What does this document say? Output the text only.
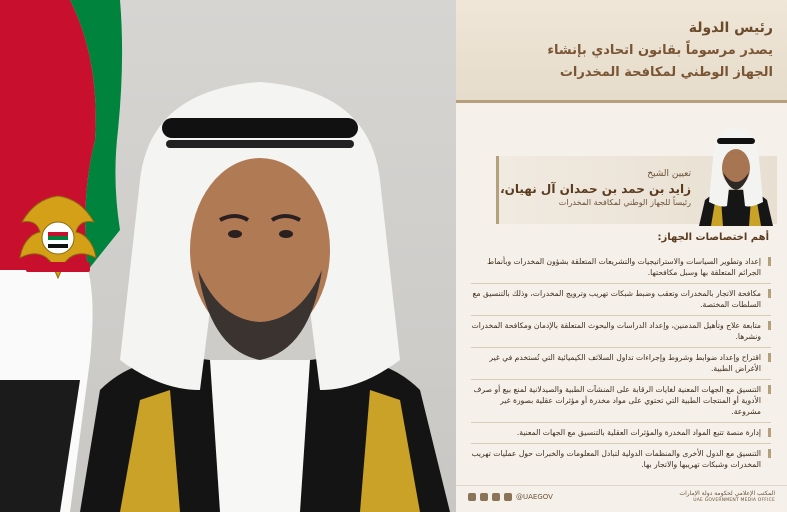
رئيس الدولة
يصدر مرسوماً بقانون اتحادي بإنشاء
الجهاز الوطني لمكافحة المخدرات
تعيين الشيخ
زايد بن حمد بن حمدان آل نهيان،
رئيساً للجهاز الوطني لمكافحة المخدرات
أهم اختصاصات الجهاز:
إعداد وتطوير السياسات والاستراتيجيات والتشريعات المتعلقة بشؤون المخدرات وبأنماط الجرائم المتعلقة بها وسبل مكافحتها.
مكافحة الاتجار بالمخدرات وتعقب وضبط شبكات تهريب وترويج المخدرات، وذلك بالتنسيق مع السلطات المختصة.
متابعة علاج وتأهيل المدمنين، وإعداد الدراسات والبحوث المتعلقة بالإدمان ومكافحة المخدرات ونشرها.
اقتراح وإعداد ضوابط وشروط وإجراءات تداول السلائف الكيميائية التي تُستخدم في غير الأغراض الطبية.
التنسيق مع الجهات المعنية لغايات الرقابة على المنشآت الطبية والصيدلانية لمنع بيع أو صرف الأدوية أو المنتجات الطبية التي تحتوي على مواد مخدرة أو مؤثرات عقلية بصورة غير مشروعة.
إدارة منصة تتبع المواد المخدرة والمؤثرات العقلية بالتنسيق مع الجهات المعنية.
التنسيق مع الدول الأخرى والمنظمات الدولية لتبادل المعلومات والخبرات حول عمليات تهريب المخدرات وشبكات تهريبها والاتجار بها.
@UAEGOV	المكتب الإعلامي لحكومة دولة الإمارات
UAE GOVERNMENT MEDIA OFFICE
